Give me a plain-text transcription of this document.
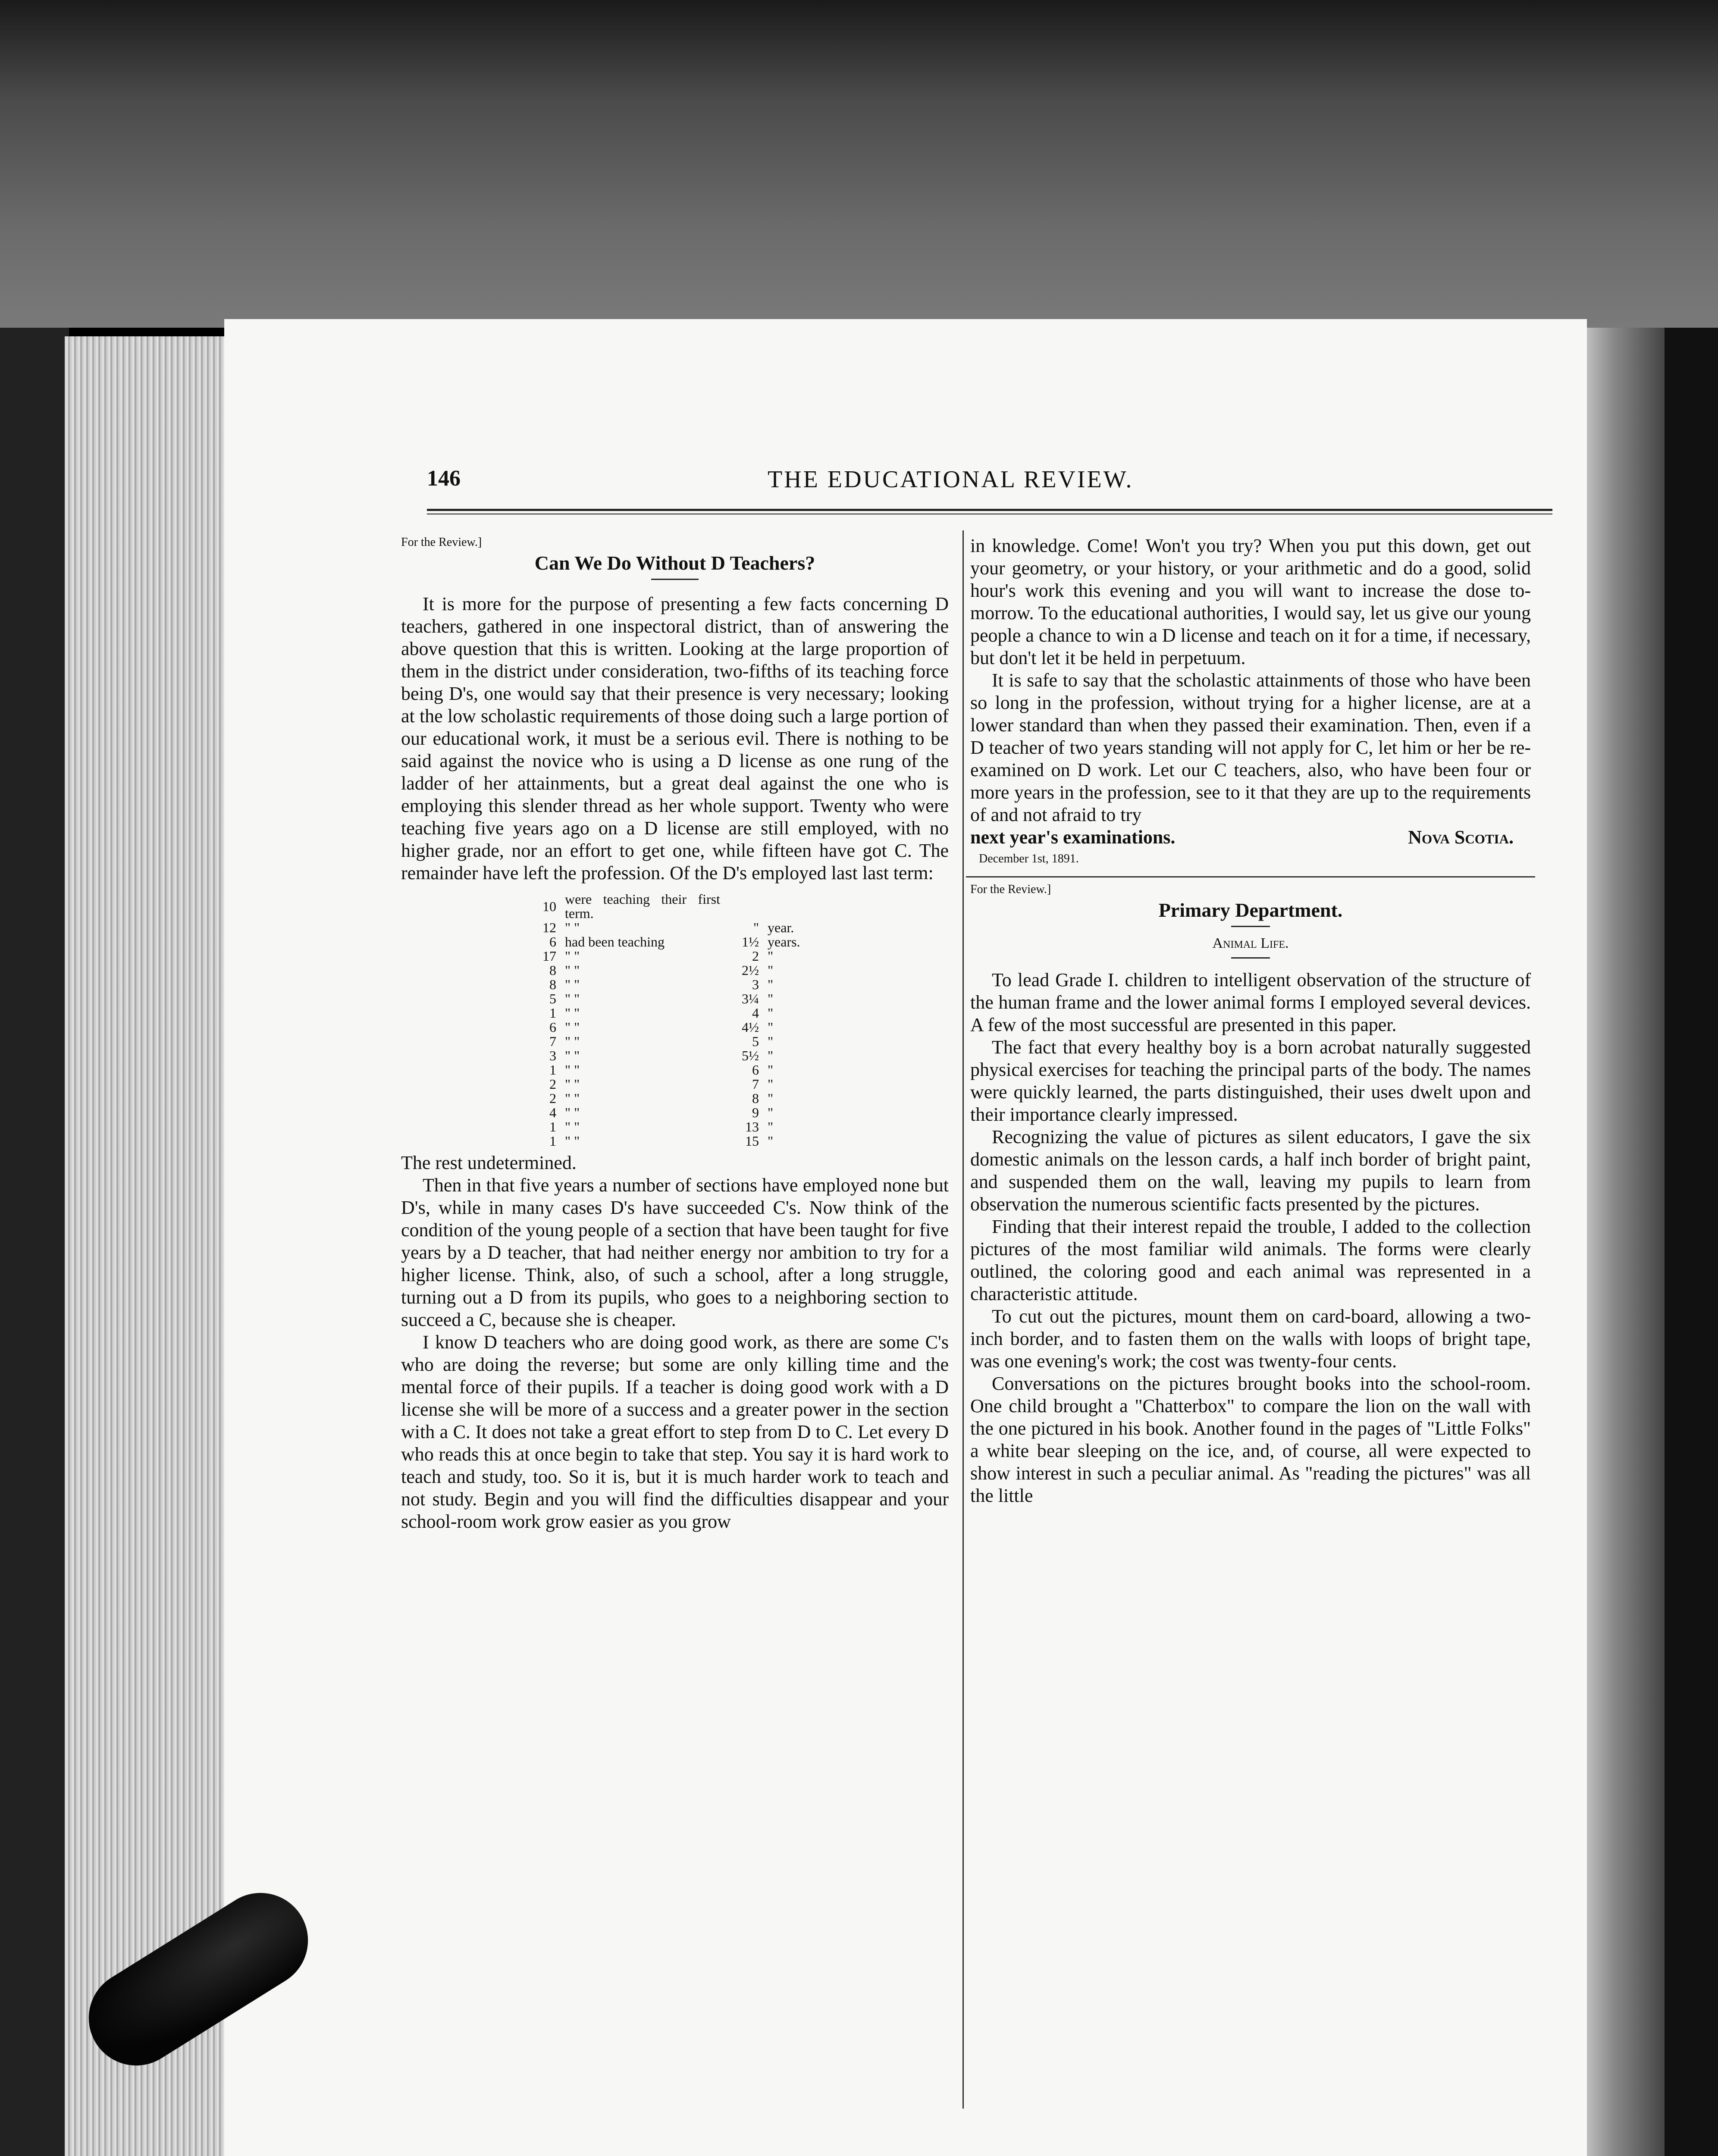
146	THE EDUCATIONAL REVIEW.

For the Review.]

Can We Do Without D Teachers?

It is more for the purpose of presenting a few facts concerning D teachers, gathered in one inspectoral district, than of answering the above question that this is written. Looking at the large proportion of them in the district under consideration, two-fifths of its teaching force being D's, one would say that their presence is very necessary; looking at the low scholastic requirements of those doing such a large portion of our educational work, it must be a serious evil. There is nothing to be said against the novice who is using a D license as one rung of the ladder of her attainments, but a great deal against the one who is employing this slender thread as her whole support. Twenty who were teaching five years ago on a D license are still employed, with no higher grade, nor an effort to get one, while fifteen have got C. The remainder have left the profession. Of the D's employed last last term:

10	were teaching their first term.		
12	" "	"	year.
6	had been teaching	1½	years.
17	" "	2	"
8	" "	2½	"
8	" "	3	"
5	" "	3¼	"
1	" "	4	"
6	" "	4½	"
7	" "	5	"
3	" "	5½	"
1	" "	6	"
2	" "	7	"
2	" "	8	"
4	" "	9	"
1	" "	13	"
1	" "	15	"

The rest undetermined.

Then in that five years a number of sections have employed none but D's, while in many cases D's have succeeded C's. Now think of the condition of the young people of a section that have been taught for five years by a D teacher, that had neither energy nor ambition to try for a higher license. Think, also, of such a school, after a long struggle, turning out a D from its pupils, who goes to a neighboring section to succeed a C, because she is cheaper.

I know D teachers who are doing good work, as there are some C's who are doing the reverse; but some are only killing time and the mental force of their pupils. If a teacher is doing good work with a D license she will be more of a success and a greater power in the section with a C. It does not take a great effort to step from D to C. Let every D who reads this at once begin to take that step. You say it is hard work to teach and study, too. So it is, but it is much harder work to teach and not study. Begin and you will find the difficulties disappear and your school-room work grow easier as you grow

in knowledge. Come! Won't you try? When you put this down, get out your geometry, or your history, or your arithmetic and do a good, solid hour's work this evening and you will want to increase the dose to-morrow. To the educational authorities, I would say, let us give our young people a chance to win a D license and teach on it for a time, if necessary, but don't let it be held in perpetuum.

It is safe to say that the scholastic attainments of those who have been so long in the profession, without trying for a higher license, are at a lower standard than when they passed their examination. Then, even if a D teacher of two years standing will not apply for C, let him or her be re-examined on D work. Let our C teachers, also, who have been four or more years in the profession, see to it that they are up to the requirements of and not afraid to try

next year's examinations.	Nova Scotia.
December 1st, 1891.

For the Review.]

Primary Department.
Animal Life.

To lead Grade I. children to intelligent observation of the structure of the human frame and the lower animal forms I employed several devices. A few of the most successful are presented in this paper.

The fact that every healthy boy is a born acrobat naturally suggested physical exercises for teaching the principal parts of the body. The names were quickly learned, the parts distinguished, their uses dwelt upon and their importance clearly impressed.

Recognizing the value of pictures as silent educators, I gave the six domestic animals on the lesson cards, a half inch border of bright paint, and suspended them on the wall, leaving my pupils to learn from observation the numerous scientific facts presented by the pictures.

Finding that their interest repaid the trouble, I added to the collection pictures of the most familiar wild animals. The forms were clearly outlined, the coloring good and each animal was represented in a characteristic attitude.

To cut out the pictures, mount them on card-board, allowing a two-inch border, and to fasten them on the walls with loops of bright tape, was one evening's work; the cost was twenty-four cents.

Conversations on the pictures brought books into the school-room. One child brought a "Chatterbox" to compare the lion on the wall with the one pictured in his book. Another found in the pages of "Little Folks" a white bear sleeping on the ice, and, of course, all were expected to show interest in such a peculiar animal. As "reading the pictures" was all the little
